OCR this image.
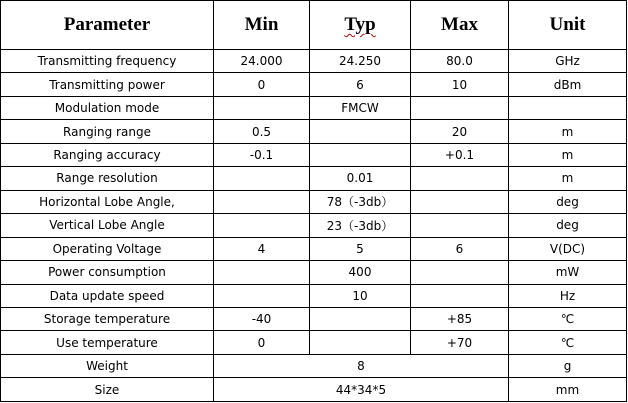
Parameter	Min	Typ	Max	Unit
Transmitting frequency	24.000	24.250	80.0	GHz
Transmitting power	0	6	10	dBm
Modulation mode		FMCW		
Ranging range	0.5		20	m
Ranging accuracy	-0.1		+0.1	m
Range resolution		0.01		m
Horizontal Lobe Angle,		78（-3db）		deg
Vertical Lobe Angle		23（-3db）		deg
Operating Voltage	4	5	6	V(DC)
Power consumption		400		mW
Data update speed		10		Hz
Storage temperature	-40		+85	℃
Use temperature	0		+70	℃
Weight	8			g
Size	44*34*5			mm
